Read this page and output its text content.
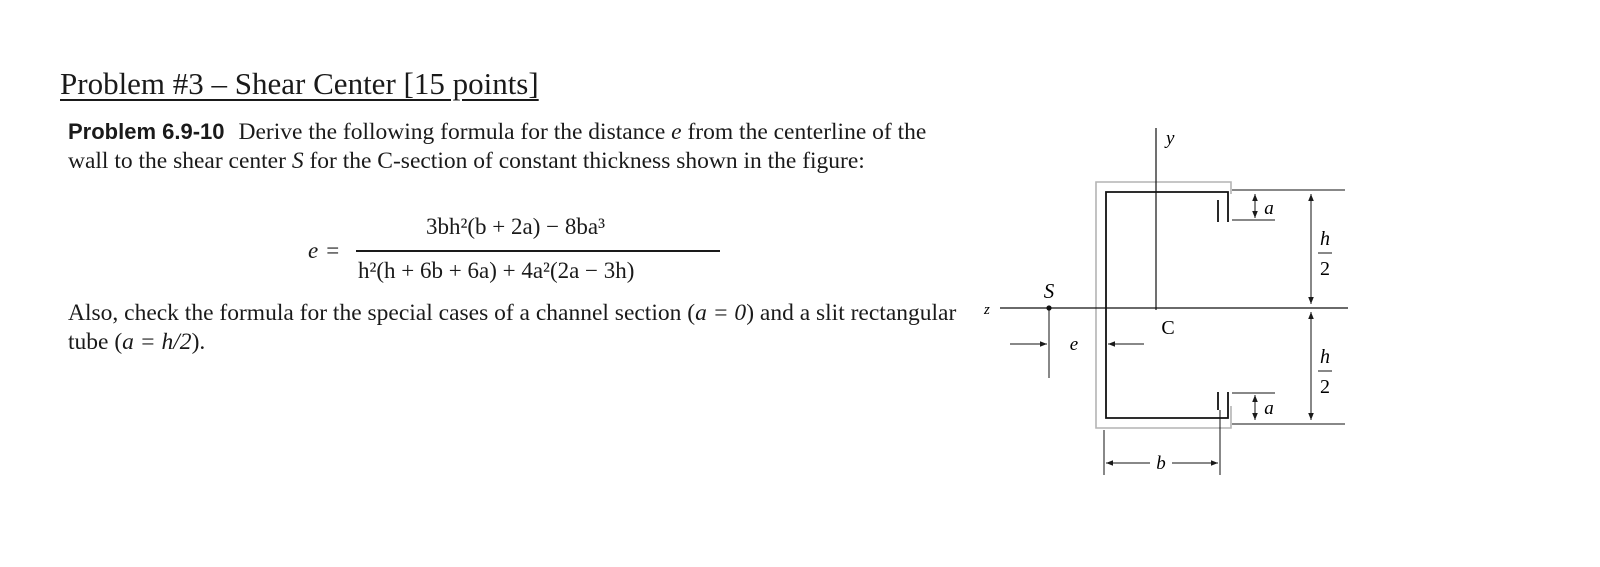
Problem #3 – Shear Center [15 points]
Problem 6.9-10 Derive the following formula for the distance e from the centerline of the wall to the shear center S for the C-section of constant thickness shown in the figure:
e =
3bh²(b + 2a) − 8ba³
h²(h + 6b + 6a) + 4a²(2a − 3h)
Also, check the formula for the special cases of a channel section (a = 0) and a slit rectangular tube (a = h/2).
h
2
h
2
a
a
b
S
e
y
z
C
